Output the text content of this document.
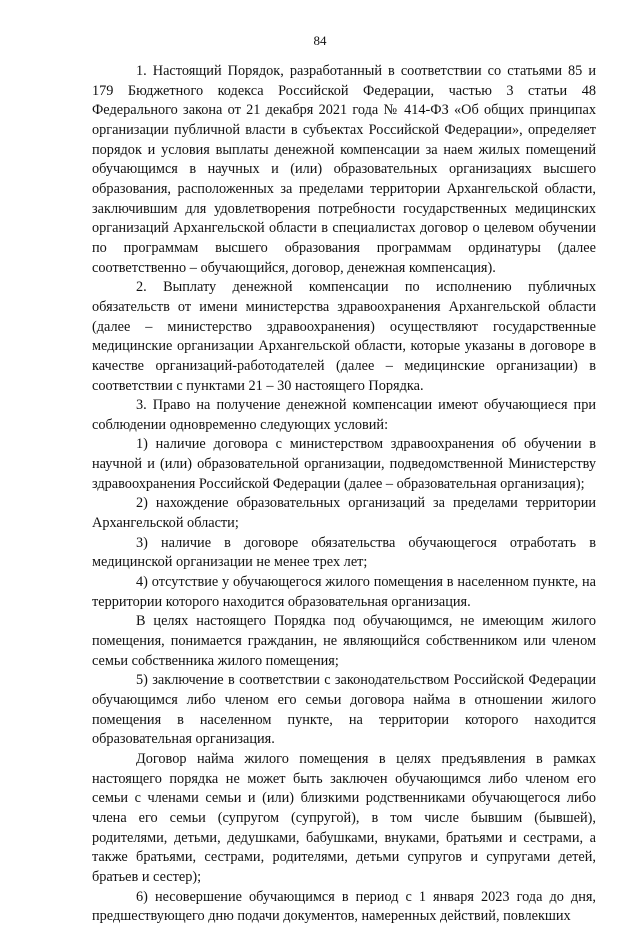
84

1. Настоящий Порядок, разработанный в соответствии со статьями 85 и 179 Бюджетного кодекса Российской Федерации, частью 3 статьи 48 Федерального закона от 21 декабря 2021 года № 414-ФЗ «Об общих принципах организации публичной власти в субъектах Российской Федерации», определяет порядок и условия выплаты денежной компенсации за наем жилых помещений обучающимся в научных и (или) образовательных организациях высшего образования, расположенных за пределами территории Архангельской области, заключившим для удовлетворения потребности государственных медицинских организаций Архангельской области в специалистах договор о целевом обучении по программам высшего образования программам ординатуры (далее соответственно – обучающийся, договор, денежная компенсация).

2. Выплату денежной компенсации по исполнению публичных обязательств от имени министерства здравоохранения Архангельской области (далее – министерство здравоохранения) осуществляют государственные медицинские организации Архангельской области, которые указаны в договоре в качестве организаций-работодателей (далее – медицинские организации) в соответствии с пунктами 21 – 30 настоящего Порядка.

3. Право на получение денежной компенсации имеют обучающиеся при соблюдении одновременно следующих условий:

1) наличие договора с министерством здравоохранения об обучении в научной и (или) образовательной организации, подведомственной Министерству здравоохранения Российской Федерации (далее – образовательная организация);

2) нахождение образовательных организаций за пределами территории Архангельской области;

3) наличие в договоре обязательства обучающегося отработать в медицинской организации не менее трех лет;

4) отсутствие у обучающегося жилого помещения в населенном пункте, на территории которого находится образовательная организация.

В целях настоящего Порядка под обучающимся, не имеющим жилого помещения, понимается гражданин, не являющийся собственником или членом семьи собственника жилого помещения;

5) заключение в соответствии с законодательством Российской Федерации обучающимся либо членом его семьи договора найма в отношении жилого помещения в населенном пункте, на территории которого находится образовательная организация.

Договор найма жилого помещения в целях предъявления в рамках настоящего порядка не может быть заключен обучающимся либо членом его семьи с членами семьи и (или) близкими родственниками обучающегося либо члена его семьи (супругом (супругой), в том числе бывшим (бывшей), родителями, детьми, дедушками, бабушками, внуками, братьями и сестрами, а также братьями, сестрами, родителями, детьми супругов и супругами детей, братьев и сестер);

6) несовершение обучающимся в период с 1 января 2023 года до дня, предшествующего дню подачи документов, намеренных действий, повлекших
